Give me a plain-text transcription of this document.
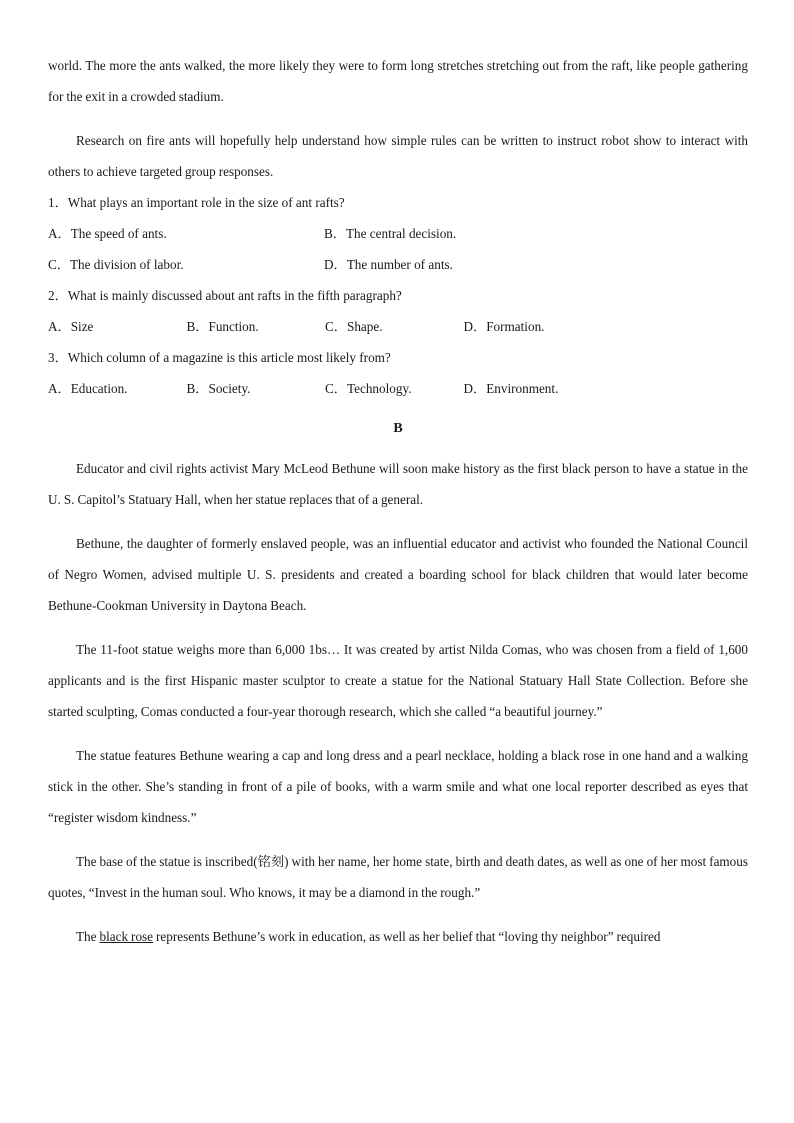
world. The more the ants walked, the more likely they were to form long stretches stretching out from the raft, like people gathering for the exit in a crowded stadium.

Research on fire ants will hopefully help understand how simple rules can be written to instruct robot show to interact with others to achieve targeted group responses.

1．What plays an important role in the size of ant rafts?

A．The speed of ants.	B．The central decision.
C．The division of labor.	D．The number of ants.

2．What is mainly discussed about ant rafts in the fifth paragraph?

A．Size	B．Function.	C．Shape.	D．Formation.

3．Which column of a magazine is this article most likely from?

A．Education.	B．Society.	C．Technology.	D．Environment.
B

Educator and civil rights activist Mary McLeod Bethune will soon make history as the first black person to have a statue in the U. S. Capitol’s Statuary Hall, when her statue replaces that of a general.

Bethune, the daughter of formerly enslaved people, was an influential educator and activist who founded the National Council of Negro Women, advised multiple U. S. presidents and created a boarding school for black children that would later become Bethune-Cookman University in Daytona Beach.

The 11-foot statue weighs more than 6,000 1bs… It was created by artist Nilda Comas, who was chosen from a field of 1,600 applicants and is the first Hispanic master sculptor to create a statue for the National Statuary Hall State Collection. Before she started sculpting, Comas conducted a four-year thorough research, which she called “a beautiful journey.”

The statue features Bethune wearing a cap and long dress and a pearl necklace, holding a black rose in one hand and a walking stick in the other. She’s standing in front of a pile of books, with a warm smile and what one local reporter described as eyes that “register wisdom kindness.”

The base of the statue is inscribed(铭刻) with her name, her home state, birth and death dates, as well as one of her most famous quotes, “Invest in the human soul. Who knows, it may be a diamond in the rough.”

The black rose represents Bethune’s work in education, as well as her belief that “loving thy neighbor” required
